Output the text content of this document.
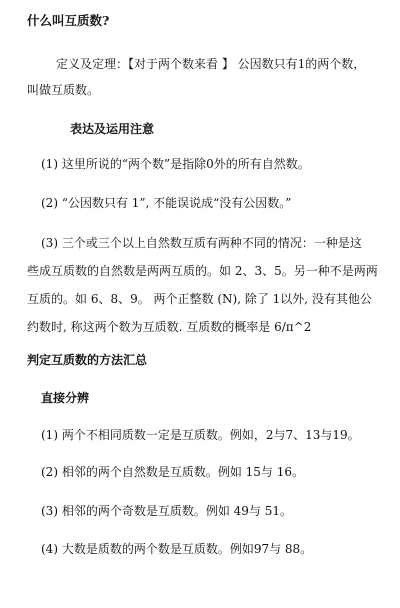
什么叫互质数?
定义及定理：【对于两个数来看 】 公因数只有1的两个数，
叫做互质数。
表达及运用注意
(1) 这里所说的“两个数”是指除0外的所有自然数。
(2) “公因数只有 1”, 不能误说成“没有公因数。”
(3) 三个或三个以上自然数互质有两种不同的情况：一种是这
些成互质数的自然数是两两互质的。如 2、3、5。另一种不是两两
互质的。如 6、8、9。 两个正整数 (N), 除了 1以外, 没有其他公
约数时, 称这两个数为互质数. 互质数的概率是 6/π^2
判定互质数的方法汇总
直接分辨
(1) 两个不相同质数一定是互质数。例如，2与7、13与19。
(2) 相邻的两个自然数是互质数。例如 15与 16。
(3) 相邻的两个奇数是互质数。例如 49与 51。
(4) 大数是质数的两个数是互质数。例如97与 88。
